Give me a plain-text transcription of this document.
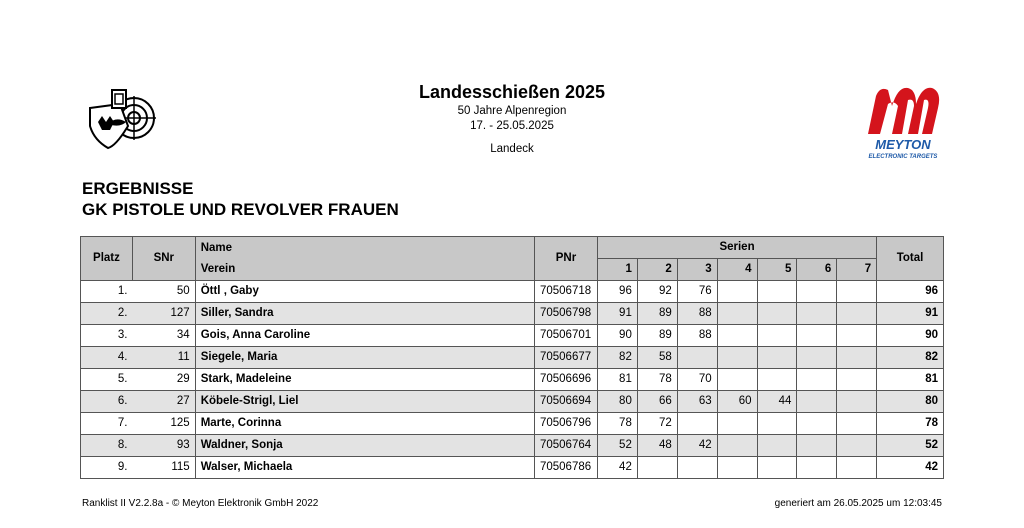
Landesschießen 2025
50 Jahre Alpenregion
17. - 25.05.2025
Landeck	MEYTON
ELECTRONIC TARGETS
ERGEBNISSE
GK PISTOLE UND REVOLVER FRAUEN
Platz	SNr	Name
Verein	PNr	Serien							Total
				1	2	3	4	5	6	7	
1.	50	Öttl , Gaby	70506718	96	92	76					96
2.	127	Siller, Sandra	70506798	91	89	88					91
3.	34	Gois, Anna Caroline	70506701	90	89	88					90
4.	11	Siegele, Maria	70506677	82	58						82
5.	29	Stark, Madeleine	70506696	81	78	70					81
6.	27	Köbele-Strigl, Liel	70506694	80	66	63	60	44			80
7.	125	Marte, Corinna	70506796	78	72						78
8.	93	Waldner, Sonja	70506764	52	48	42					52
9.	115	Walser, Michaela	70506786	42							42
Ranklist II V2.2.8a - © Meyton Elektronik GmbH 2022	generiert am 26.05.2025 um 12:03:45
